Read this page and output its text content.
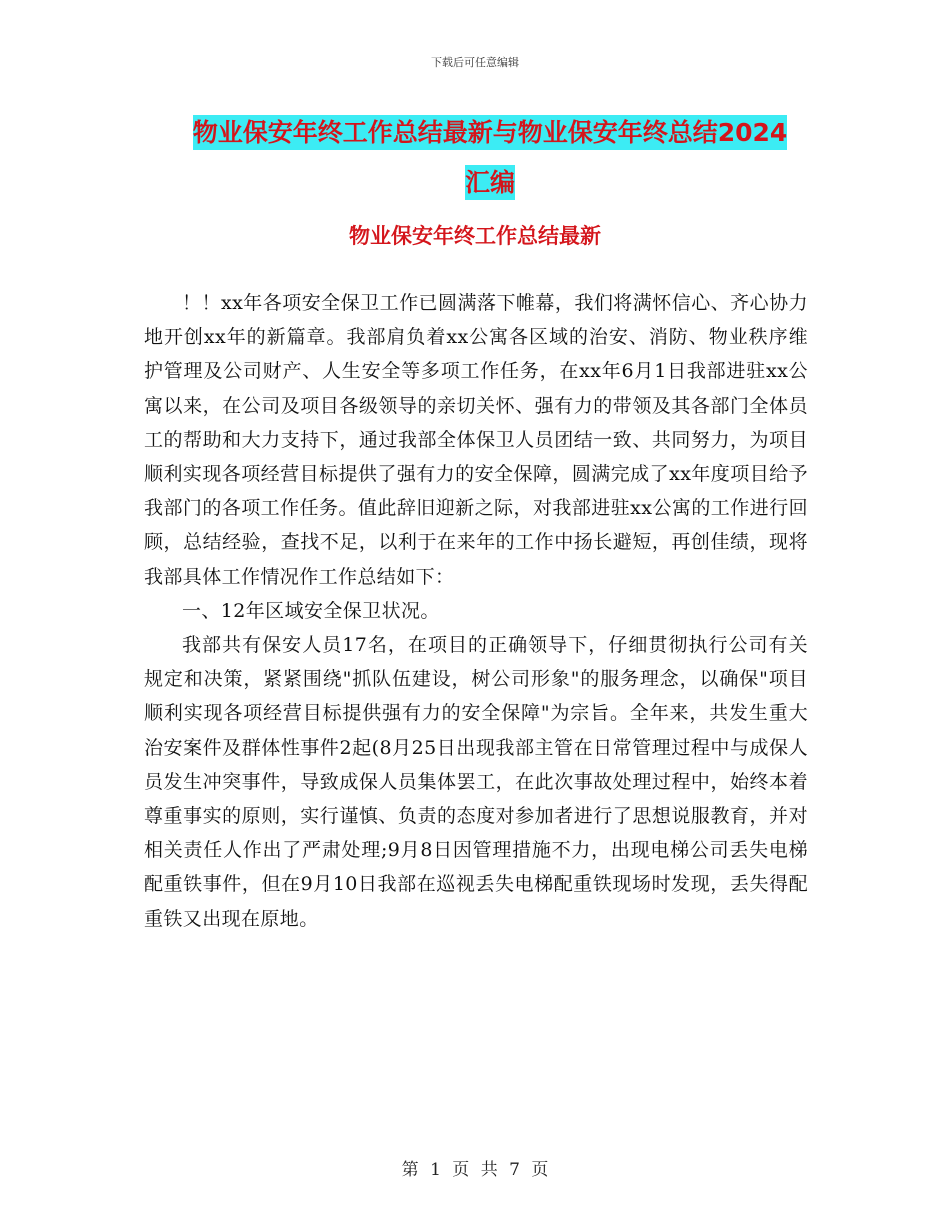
下载后可任意编辑
物业保安年终工作总结最新与物业保安年终总结2024
汇编
物业保安年终工作总结最新

！！xx年各项安全保卫工作已圆满落下帷幕，我们将满怀信心、齐心协力地开创xx年的新篇章。我部肩负着xx公寓各区域的治安、消防、物业秩序维护管理及公司财产、人生安全等多项工作任务，在xx年6月1日我部进驻xx公寓以来，在公司及项目各级领导的亲切关怀、强有力的带领及其各部门全体员工的帮助和大力支持下，通过我部全体保卫人员团结一致、共同努力，为项目顺利实现各项经营目标提供了强有力的安全保障，圆满完成了xx年度项目给予我部门的各项工作任务。值此辞旧迎新之际，对我部进驻xx公寓的工作进行回顾，总结经验，查找不足，以利于在来年的工作中扬长避短，再创佳绩，现将我部具体工作情况作工作总结如下：

一、12年区域安全保卫状况。

我部共有保安人员17名，在项目的正确领导下，仔细贯彻执行公司有关规定和决策，紧紧围绕"抓队伍建设，树公司形象"的服务理念，以确保"项目顺利实现各项经营目标提供强有力的安全保障"为宗旨。全年来，共发生重大治安案件及群体性事件2起(8月25日出现我部主管在日常管理过程中与成保人员发生冲突事件，导致成保人员集体罢工，在此次事故处理过程中，始终本着尊重事实的原则，实行谨慎、负责的态度对参加者进行了思想说服教育，并对相关责任人作出了严肃处理;9月8日因管理措施不力，出现电梯公司丢失电梯配重铁事件，但在9月10日我部在巡视丢失电梯配重铁现场时发现，丢失得配重铁又出现在原地。

第 1 页 共 7 页
